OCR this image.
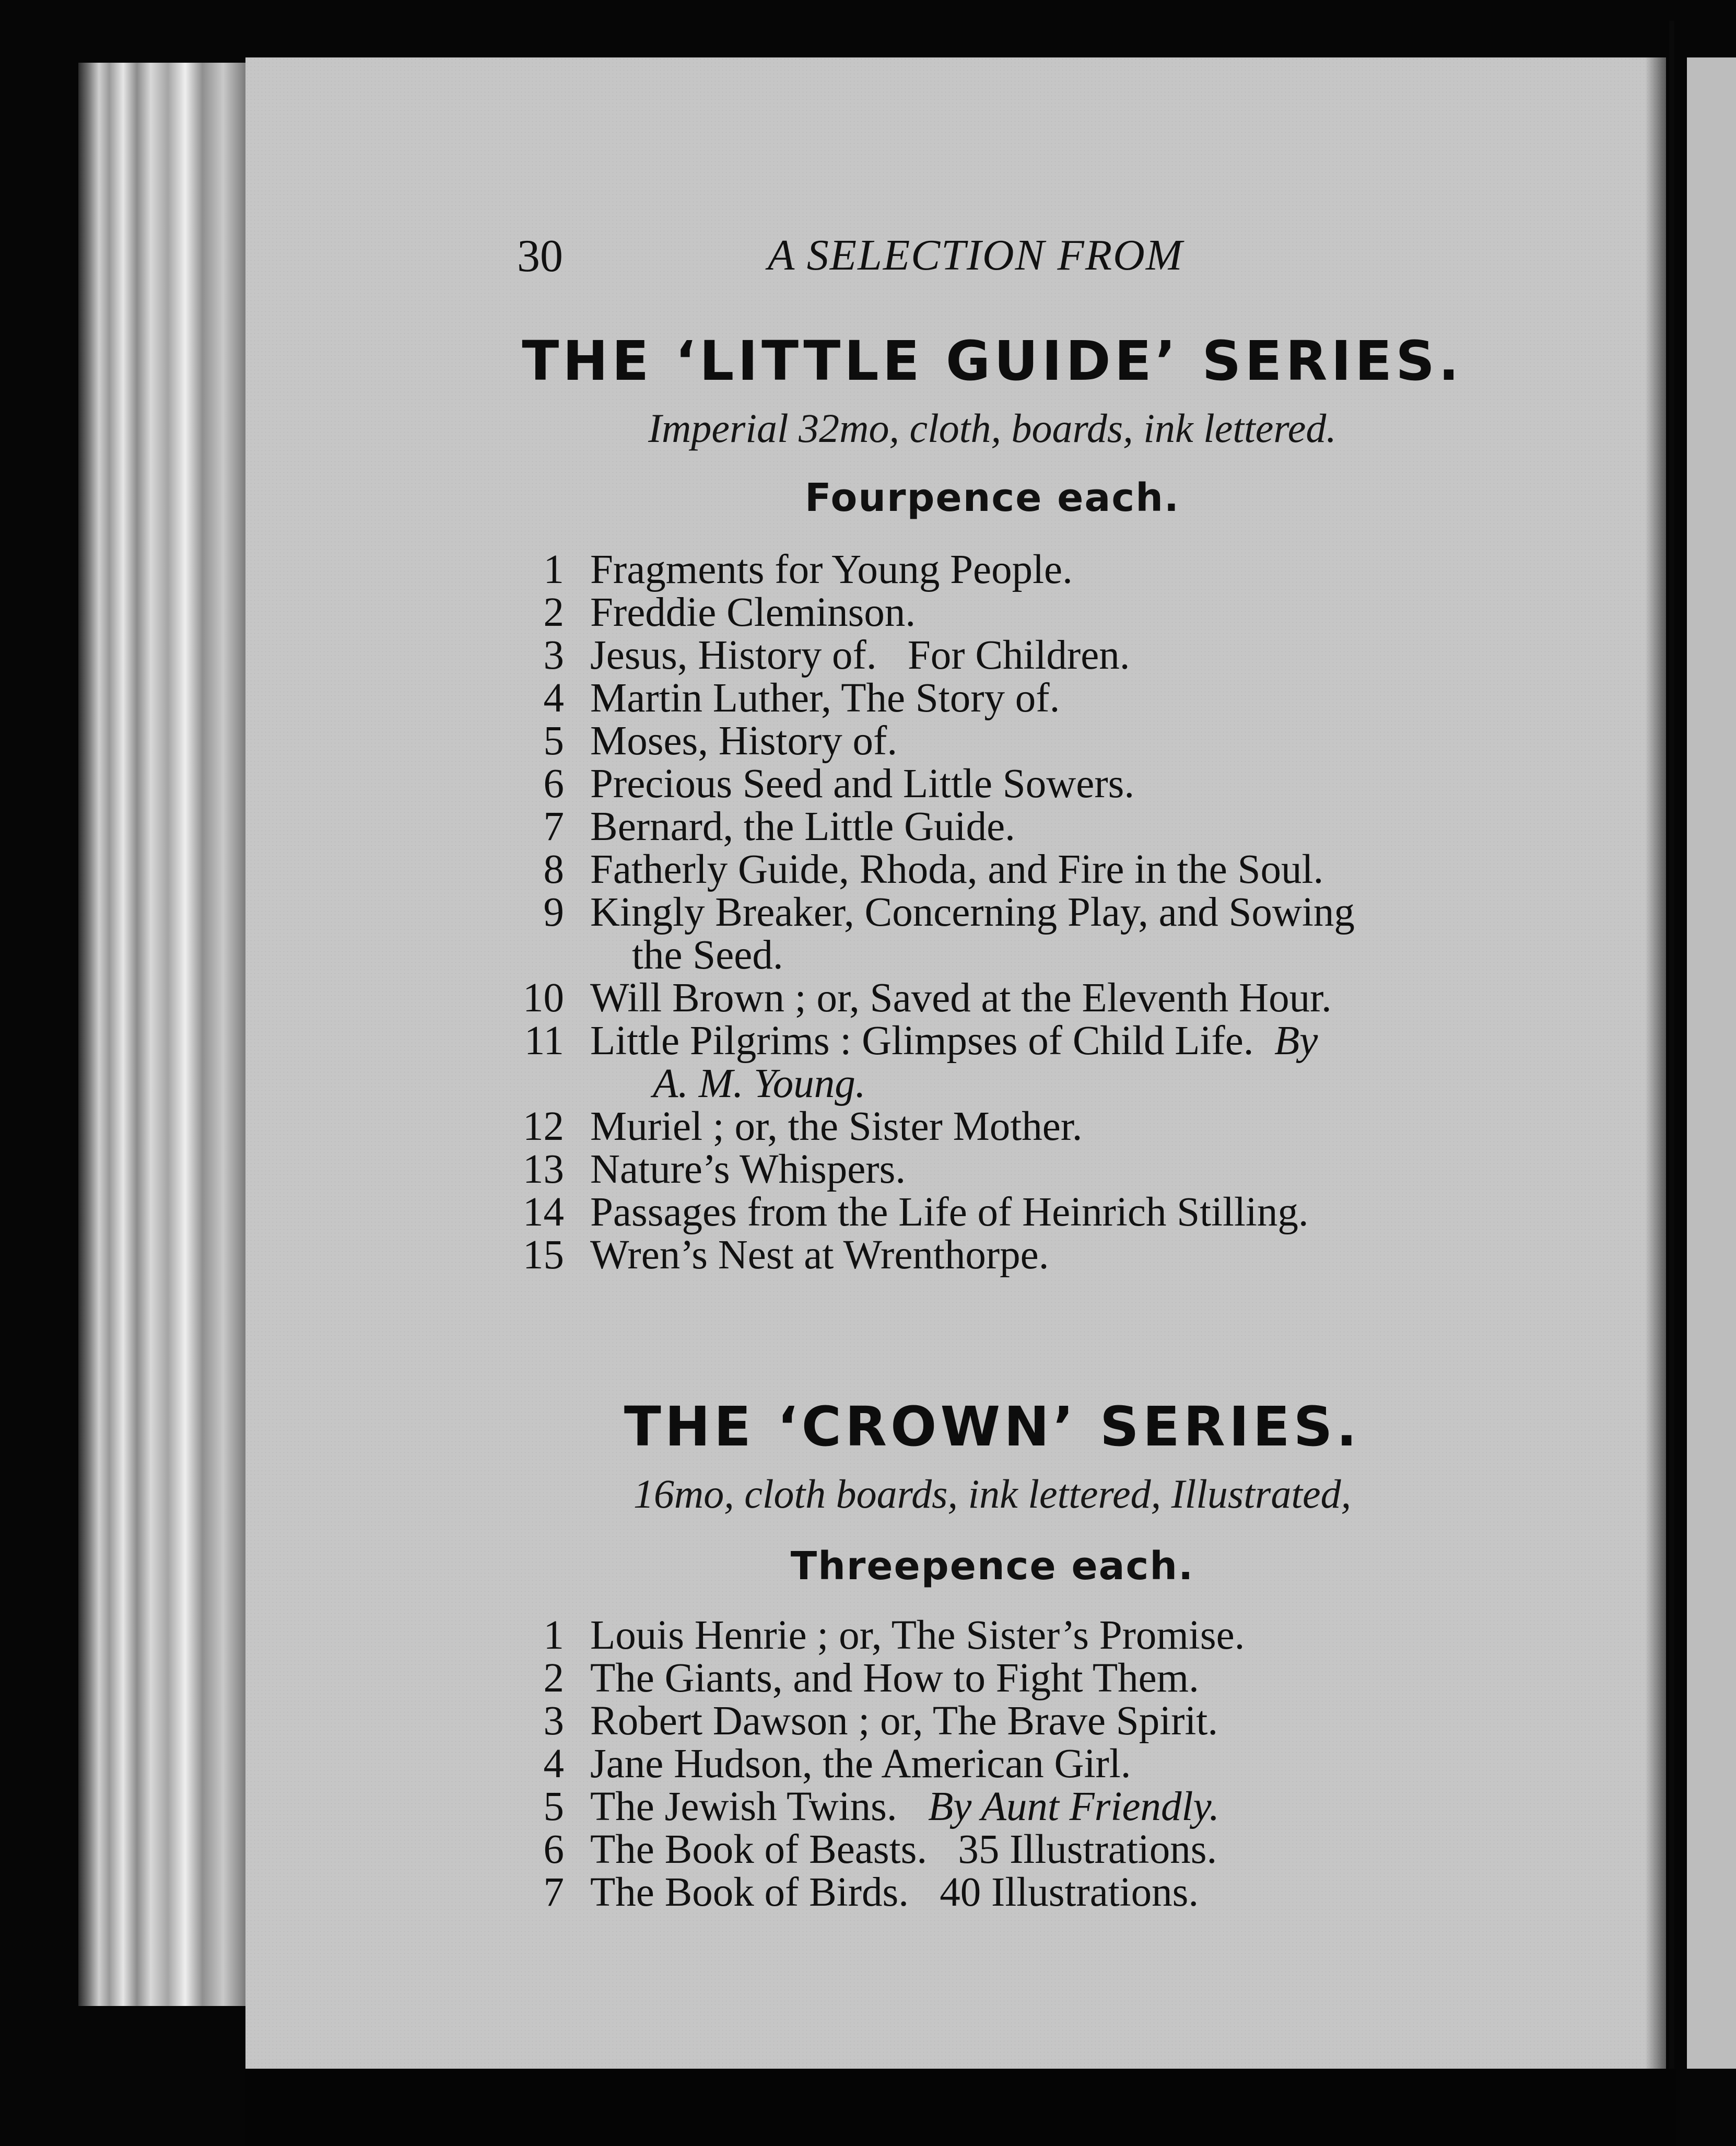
30	A SELECTION FROM
THE ‘LITTLE GUIDE’ SERIES.
Imperial 32mo, cloth, boards, ink lettered.
Fourpence each.
1 Fragments for Young People.
2 Freddie Cleminson.
3 Jesus, History of.   For Children.
4 Martin Luther, The Story of.
5 Moses, History of.
6 Precious Seed and Little Sowers.
7 Bernard, the Little Guide.
8 Fatherly Guide, Rhoda, and Fire in the Soul.
9 Kingly Breaker, Concerning Play, and Sowing
the Seed.
10 Will Brown ; or, Saved at the Eleventh Hour.
11 Little Pilgrims : Glimpses of Child Life. By
A. M. Young.
12 Muriel ; or, the Sister Mother.
13 Nature’s Whispers.
14 Passages from the Life of Heinrich Stilling.
15 Wren’s Nest at Wrenthorpe.
THE ‘CROWN’ SERIES.
16mo, cloth boards, ink lettered, Illustrated,
Threepence each.
1 Louis Henrie ; or, The Sister’s Promise.
2 The Giants, and How to Fight Them.
3 Robert Dawson ; or, The Brave Spirit.
4 Jane Hudson, the American Girl.
5 The Jewish Twins. By Aunt Friendly.
6 The Book of Beasts. 35 Illustrations.
7 The Book of Birds. 40 Illustrations.
